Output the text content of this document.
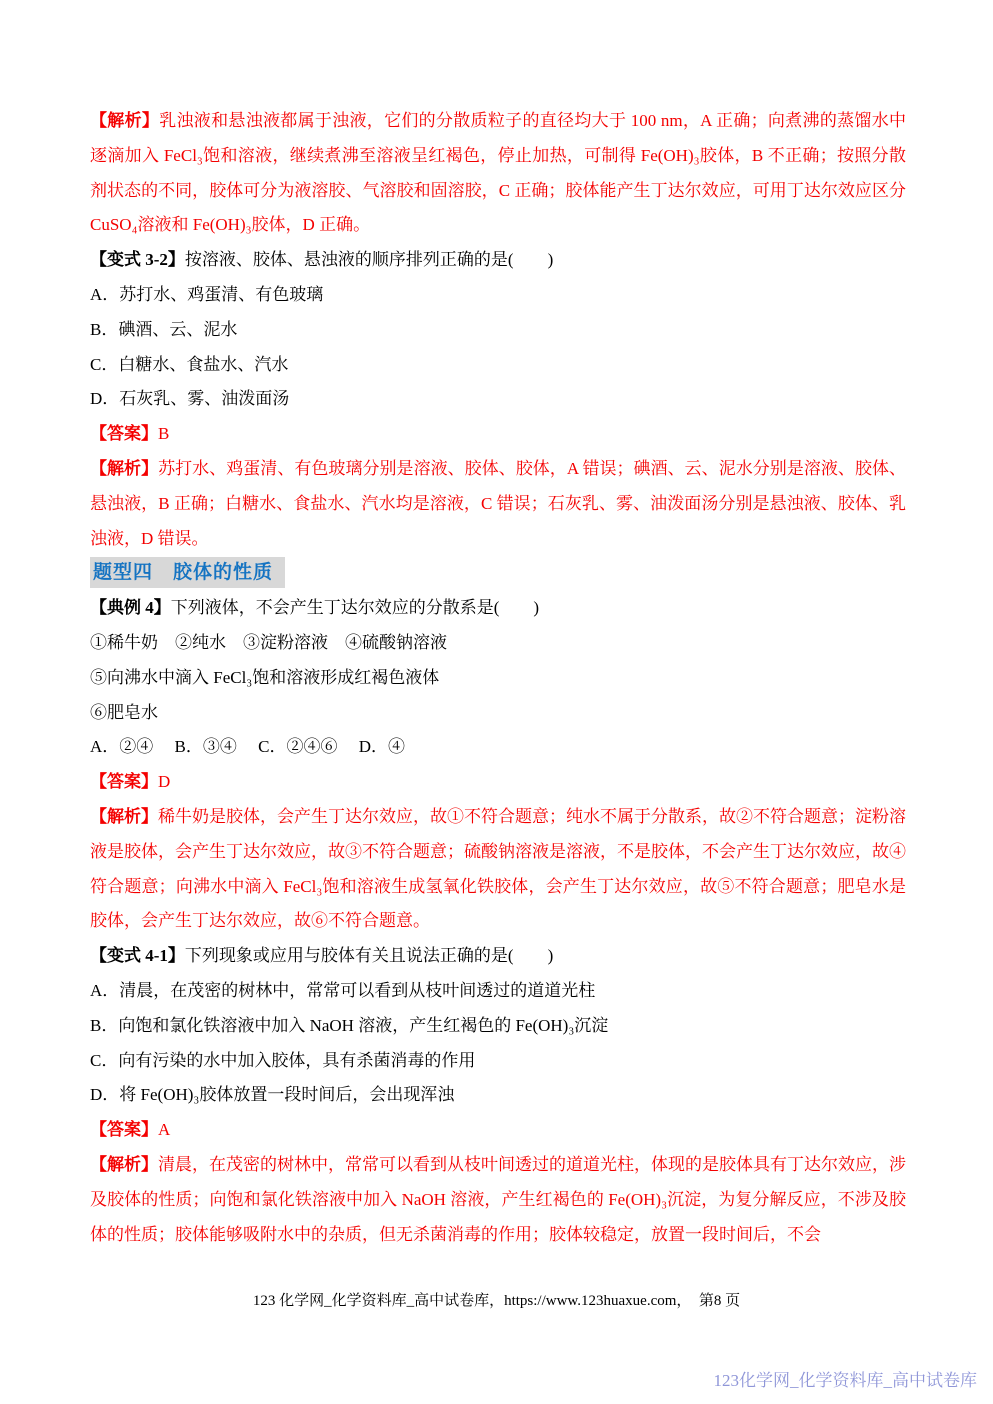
【解析】乳浊液和悬浊液都属于浊液，它们的分散质粒子的直径均大于 100 nm，A 正确；向煮沸的蒸馏水中逐滴加入 FeCl₃饱和溶液，继续煮沸至溶液呈红褐色，停止加热，可制得 Fe(OH)₃胶体，B 不正确；按照分散剂状态的不同，胶体可分为液溶胶、气溶胶和固溶胶，C 正确；胶体能产生丁达尔效应，可用丁达尔效应区分 CuSO₄溶液和 Fe(OH)₃胶体，D 正确。

【变式 3-2】按溶液、胶体、悬浊液的顺序排列正确的是(　　)

A．苏打水、鸡蛋清、有色玻璃

B．碘酒、云、泥水

C．白糖水、食盐水、汽水

D．石灰乳、雾、油泼面汤

【答案】B

【解析】苏打水、鸡蛋清、有色玻璃分别是溶液、胶体、胶体，A 错误；碘酒、云、泥水分别是溶液、胶体、悬浊液，B 正确；白糖水、食盐水、汽水均是溶液，C 错误；石灰乳、雾、油泼面汤分别是悬浊液、胶体、乳浊液，D 错误。

题型四　胶体的性质

【典例 4】下列液体，不会产生丁达尔效应的分散系是(　　)

①稀牛奶　②纯水　③淀粉溶液　④硫酸钠溶液

⑤向沸水中滴入 FeCl₃饱和溶液形成红褐色液体

⑥肥皂水

A．②④　 B．③④　 C．②④⑥　 D．④

【答案】D

【解析】稀牛奶是胶体，会产生丁达尔效应，故①不符合题意；纯水不属于分散系，故②不符合题意；淀粉溶液是胶体，会产生丁达尔效应，故③不符合题意；硫酸钠溶液是溶液，不是胶体，不会产生丁达尔效应，故④符合题意；向沸水中滴入 FeCl₃饱和溶液生成氢氧化铁胶体，会产生丁达尔效应，故⑤不符合题意；肥皂水是胶体，会产生丁达尔效应，故⑥不符合题意。

【变式 4-1】下列现象或应用与胶体有关且说法正确的是(　　)

A．清晨，在茂密的树林中，常常可以看到从枝叶间透过的道道光柱

B．向饱和氯化铁溶液中加入 NaOH 溶液，产生红褐色的 Fe(OH)₃沉淀

C．向有污染的水中加入胶体，具有杀菌消毒的作用

D．将 Fe(OH)₃胶体放置一段时间后，会出现浑浊

【答案】A

【解析】清晨，在茂密的树林中，常常可以看到从枝叶间透过的道道光柱，体现的是胶体具有丁达尔效应，涉及胶体的性质；向饱和氯化铁溶液中加入 NaOH 溶液，产生红褐色的 Fe(OH)₃沉淀，为复分解反应，不涉及胶体的性质；胶体能够吸附水中的杂质，但无杀菌消毒的作用；胶体较稳定，放置一段时间后，不会

123 化学网_化学资料库_高中试卷库，https://www.123huaxue.com，　第8 页
123化学网_化学资料库_高中试卷库
